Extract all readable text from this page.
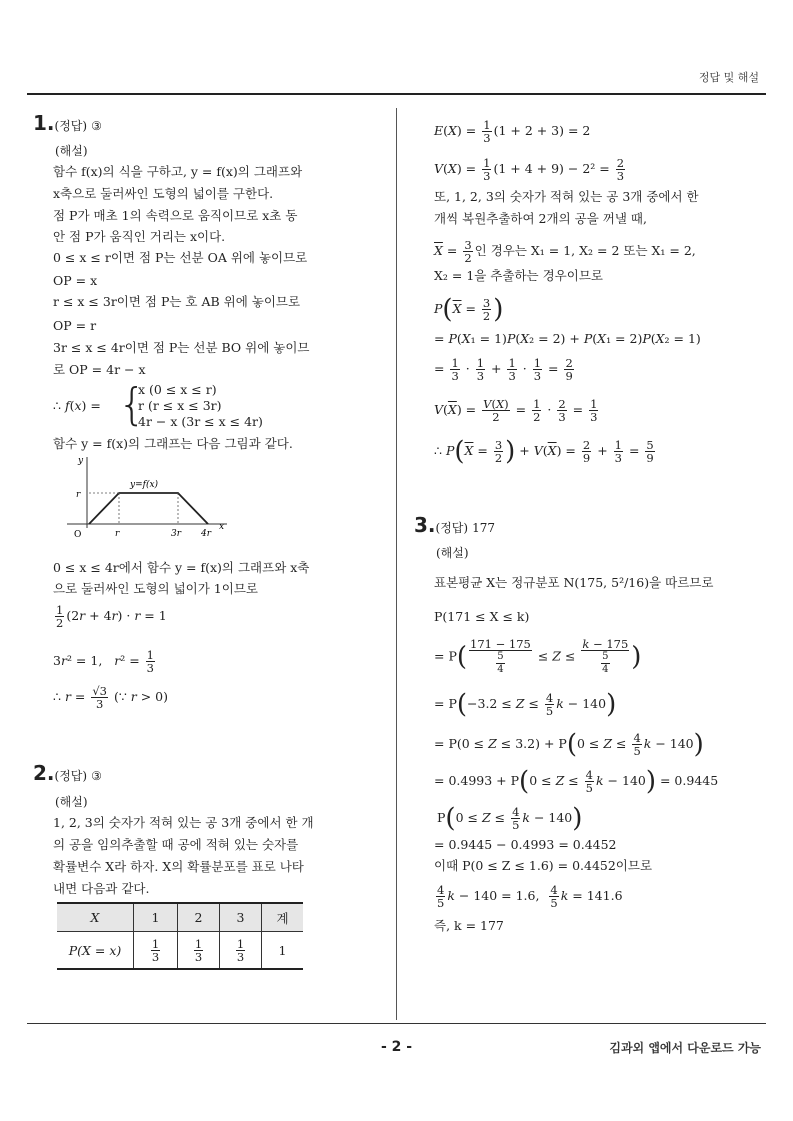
정답 및 해설
1.(정답) ③
(해설)
함수 f(x)의 식을 구하고, y = f(x)의 그래프와
x축으로 둘러싸인 도형의 넓이를 구한다.
점 P가 매초 1의 속력으로 움직이므로 x초 동
안 점 P가 움직인 거리는 x이다.
0 ≤ x ≤ r이면 점 P는 선분 OA 위에 놓이므로
OP = x
r ≤ x ≤ 3r이면 점 P는 호 AB 위에 놓이므로
OP = r
3r ≤ x ≤ 4r이면 점 P는 선분 BO 위에 놓이므
로 OP = 4r − x
∴ f(x) = {
x (0 ≤ x ≤ r)
r (r ≤ x ≤ 3r)
4r − x (3r ≤ x ≤ 4r)
함수 y = f(x)의 그래프는 다음 그림과 같다.
y
x
O
y=f(x)
r
r	3r 4r
0 ≤ x ≤ 4r에서 함수 y = f(x)의 그래프와 x축
으로 둘러싸인 도형의 넓이가 1이므로
$\frac{1}{2} (2r + 4r) \cdot r = 1$
3r² = 1,   $r^2 = \frac{1}{3}$
∴ $r = \frac{√3}{3}$ (∵ r > 0)
2.(정답) ③
(해설)
1, 2, 3의 숫자가 적혀 있는 공 3개 중에서 한 개
의 공을 임의추출할 때 공에 적혀 있는 숫자를
확률변수 X라 하자. X의 확률분포를 표로 나타
내면 다음과 같다.
X	1	2	3	계
P(X = x)	$\frac{1}{3}$	$\frac{1}{3}$	$\frac{1}{3}$	1
$E(X) = \frac{1}{3} (1 + 2 + 3) = 2$
$V(X) = \frac{1}{3} (1 + 4 + 9) - 2^2 = \frac{2}{3}$
또, 1, 2, 3의 숫자가 적혀 있는 공 3개 중에서 한
개씩 복원추출하여 2개의 공을 꺼낼 때,
$\overline{X} = \frac{3}{2}$ 인 경우는 X₁ = 1, X₂ = 2 또는 X₁ = 2,
X₂ = 1을 추출하는 경우이므로
$P(\overline{X} = \frac{3}{2}$ )
= P(X₁ = 1)P(X₂ = 2) + P(X₁ = 2)P(X₂ = 1)
= $\frac{1}{3} \cdot \frac{1}{3} + \frac{1}{3} \cdot \frac{1}{3} = \frac{2}{9}$
$V(\overline{X}) = \frac{V(X)}{2} = \frac{1}{2} \cdot \frac{2}{3} = \frac{1}{3}$
∴ $P(\overline{X} = \frac{3}{2}$ ) + $V(\overline{X}) = \frac{2}{9} + \frac{1}{3} = \frac{5}{9}$
3.(정답) 177
(해설)
표본평균 X는 정규분포 N(175, 5²/16)을 따르므로
P(171 ≤ X ≤ k)
= $P( \frac{171 - 175}{\frac{5}{4}} \le Z \le \frac{k - 175}{\frac{5}{4}}$ )
= $P(-3.2 \le Z \le \frac{4}{5}$ k − 140)
= $P(0 \le Z \le 3.2) + P(0 \le Z \le \frac{4}{5}$ k − 140)
= $0.4993 + P(0 \le Z \le \frac{4}{5}$ k − 140) = 0.9445
$P(0 \le Z \le \frac{4}{5}$ k − 140)
= 0.9445 − 0.4993 = 0.4452
이때 P(0 ≤ Z ≤ 1.6) = 0.4452이므로
$\frac{4}{5}$ k − 140 = 1.6, $\frac{4}{5}$ k = 141.6
즉, k = 177
- 2 -	김과외 앱에서 다운로드 가능
